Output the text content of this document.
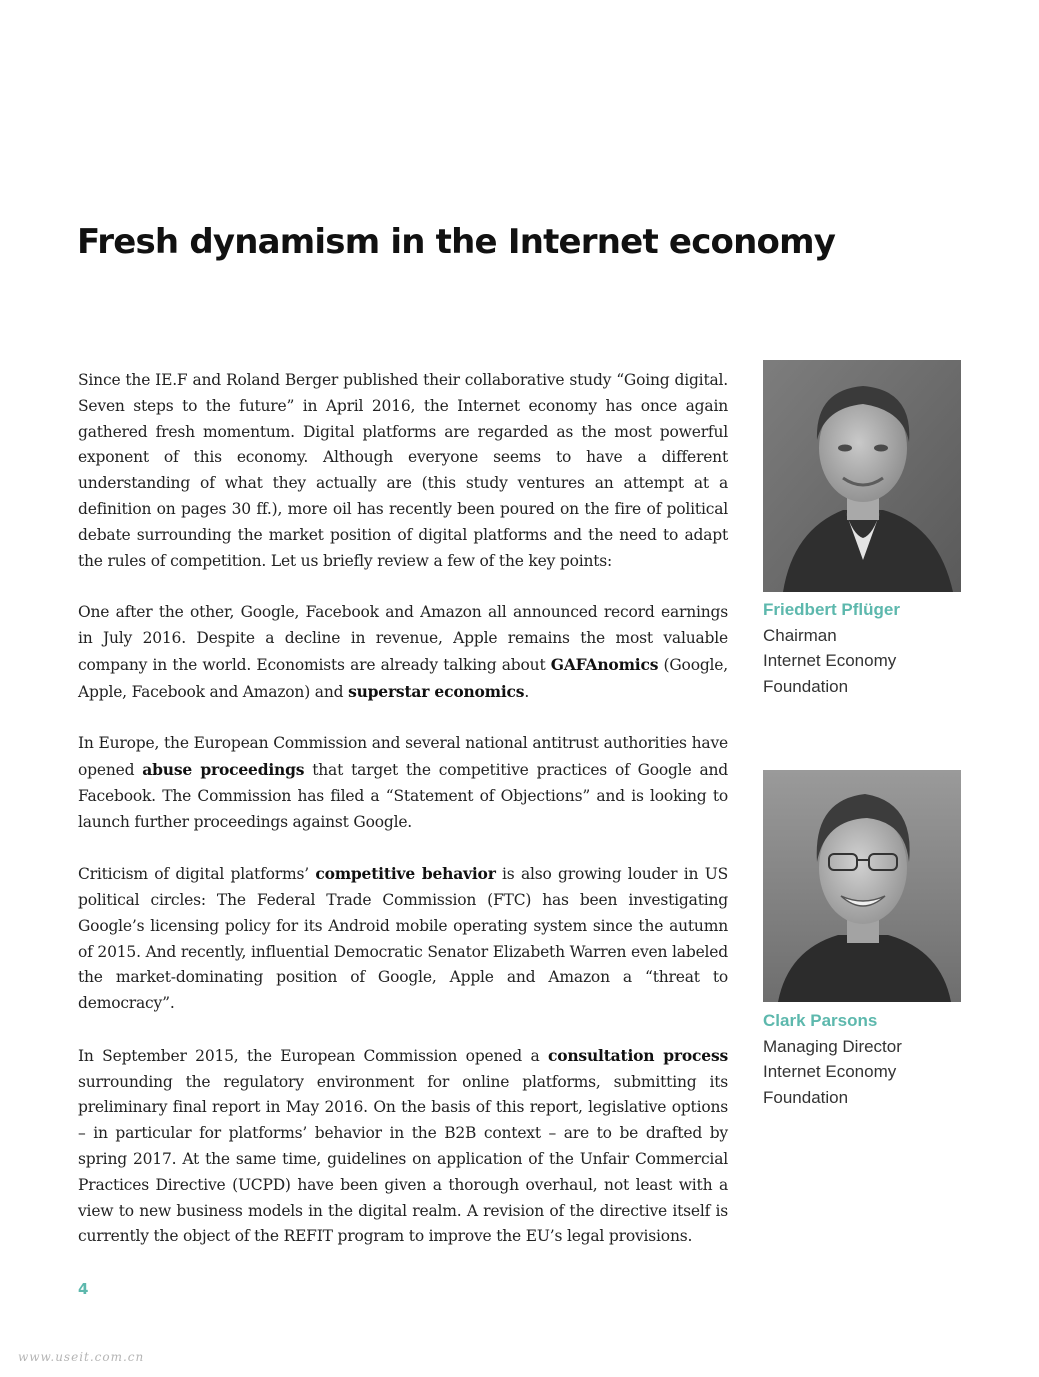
Fresh dynamism in the Internet economy

Since the IE.F and Roland Berger published their collaborative study “Going digital. Seven steps to the future” in April 2016, the Internet economy has once again gathered fresh momentum. Digital platforms are regarded as the most powerful exponent of this economy. Although everyone seems to have a different understanding of what they actually are (this study ventures an attempt at a definition on pages 30 ff.), more oil has recently been poured on the fire of political debate surrounding the market position of digital platforms and the need to adapt the rules of competition. Let us briefly review a few of the key points:

One after the other, Google, Facebook and Amazon all announced record earnings in July 2016. Despite a decline in revenue, Apple remains the most valuable company in the world. Economists are already talking about GAFAnomics (Google, Apple, Facebook and Amazon) and superstar economics.

In Europe, the European Commission and several national antitrust authorities have opened abuse proceedings that target the competitive practices of Google and Facebook. The Commission has filed a “Statement of Objections” and is looking to launch further proceedings against Google.

Criticism of digital platforms’ competitive behavior is also growing louder in US political circles: The Federal Trade Commission (FTC) has been investigating Google’s licensing policy for its Android mobile operating system since the autumn of 2015. And recently, influential Democratic Senator Elizabeth Warren even labeled the market-dominating position of Google, Apple and Amazon a “threat to democracy”.

In September 2015, the European Commission opened a consultation process surrounding the regulatory environment for online platforms, submitting its preliminary final report in May 2016. On the basis of this report, legislative options – in particular for platforms’ behavior in the B2B context – are to be drafted by spring 2017. At the same time, guidelines on application of the Unfair Commercial Practices Directive (UCPD) have been given a thorough overhaul, not least with a view to new business models in the digital realm. A revision of the directive itself is currently the object of the REFIT program to improve the EU’s legal provisions.

Friedbert Pflüger
Chairman
Internet Economy
Foundation
Clark Parsons
Managing Director
Internet Economy
Foundation
4
www.useit.com.cn
